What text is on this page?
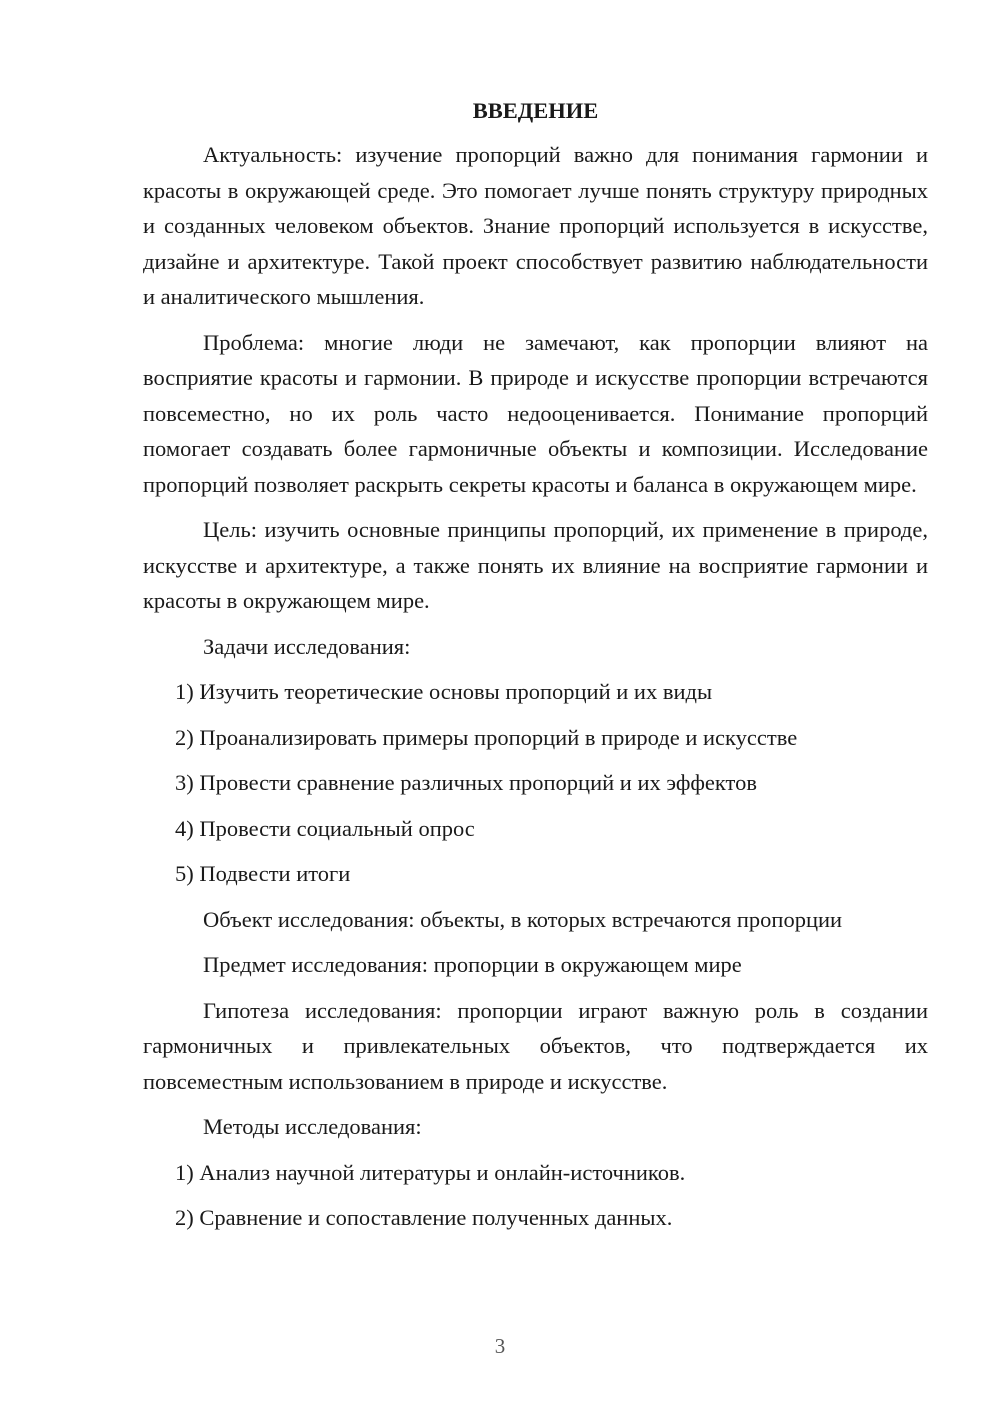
ВВЕДЕНИЕ

Актуальность: изучение пропорций важно для понимания гармонии и красоты в окружающей среде. Это помогает лучше понять структуру природных и созданных человеком объектов. Знание пропорций используется в искусстве, дизайне и архитектуре. Такой проект способствует развитию наблюдательности и аналитического мышления.

Проблема: многие люди не замечают, как пропорции влияют на восприятие красоты и гармонии. В природе и искусстве пропорции встречаются повсеместно, но их роль часто недооценивается. Понимание пропорций помогает создавать более гармоничные объекты и композиции. Исследование пропорций позволяет раскрыть секреты красоты и баланса в окружающем мире.

Цель: изучить основные принципы пропорций, их применение в природе, искусстве и архитектуре, а также понять их влияние на восприятие гармонии и красоты в окружающем мире.

Задачи исследования:

1) Изучить теоретические основы пропорций и их виды

2) Проанализировать примеры пропорций в природе и искусстве

3) Провести сравнение различных пропорций и их эффектов

4) Провести социальный опрос

5) Подвести итоги

Объект исследования: объекты, в которых встречаются пропорции

Предмет исследования: пропорции в окружающем мире

Гипотеза исследования: пропорции играют важную роль в создании гармоничных и привлекательных объектов, что подтверждается их повсеместным использованием в природе и искусстве.

Методы исследования:

1) Анализ научной литературы и онлайн-источников.

2) Сравнение и сопоставление полученных данных.

3
